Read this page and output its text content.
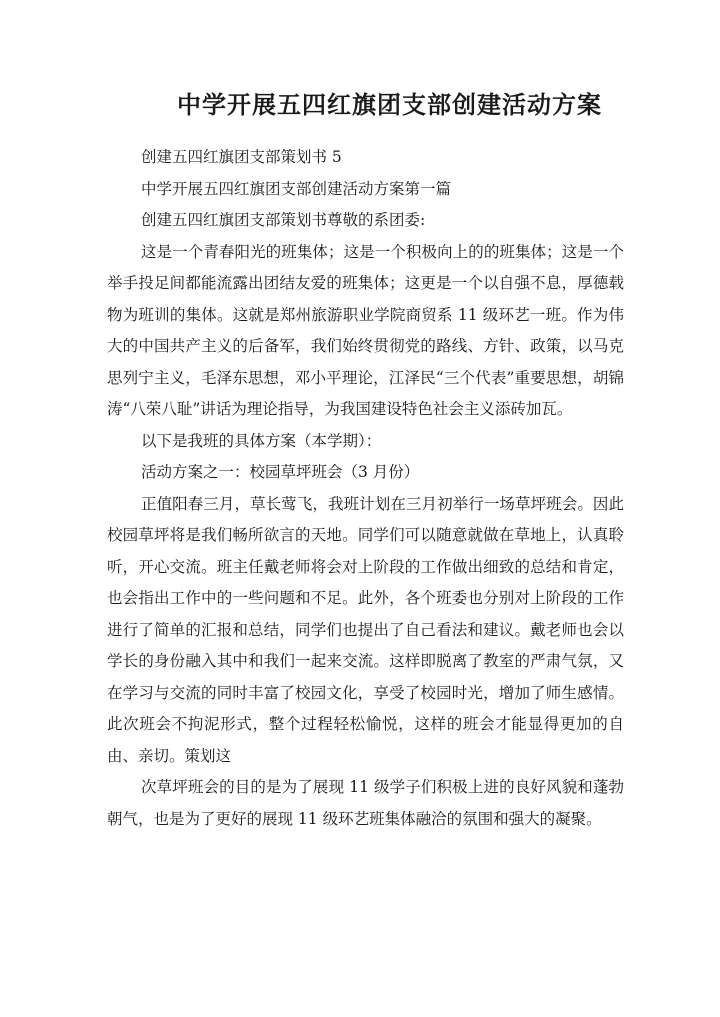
中学开展五四红旗团支部创建活动方案
创建五四红旗团支部策划书 5
中学开展五四红旗团支部创建活动方案第一篇
创建五四红旗团支部策划书尊敬的系团委:

这是一个青春阳光的班集体；这是一个积极向上的的班集体；这是一个举手投足间都能流露出团结友爱的班集体；这更是一个以自强不息，厚德载物为班训的集体。这就是郑州旅游职业学院商贸系 11 级环艺一班。作为伟大的中国共产主义的后备军，我们始终贯彻党的路线、方针、政策，以马克思列宁主义，毛泽东思想，邓小平理论，江泽民“三个代表”重要思想，胡锦涛“八荣八耻”讲话为理论指导，为我国建设特色社会主义添砖加瓦。

以下是我班的具体方案（本学期）：
活动方案之一：校园草坪班会（3 月份）

正值阳春三月，草长莺飞，我班计划在三月初举行一场草坪班会。因此校园草坪将是我们畅所欲言的天地。同学们可以随意就做在草地上，认真聆听，开心交流。班主任戴老师将会对上阶段的工作做出细致的总结和肯定，也会指出工作中的一些问题和不足。此外，各个班委也分别对上阶段的工作进行了简单的汇报和总结，同学们也提出了自己看法和建议。戴老师也会以学长的身份融入其中和我们一起来交流。这样即脱离了教室的严肃气氛，又在学习与交流的同时丰富了校园文化，享受了校园时光，增加了师生感情。此次班会不拘泥形式，整个过程轻松愉悦，这样的班会才能显得更加的自由、亲切。策划这

次草坪班会的目的是为了展现 11 级学子们积极上进的良好风貌和蓬勃朝气，也是为了更好的展现 11 级环艺班集体融洽的氛围和强大的凝聚。
